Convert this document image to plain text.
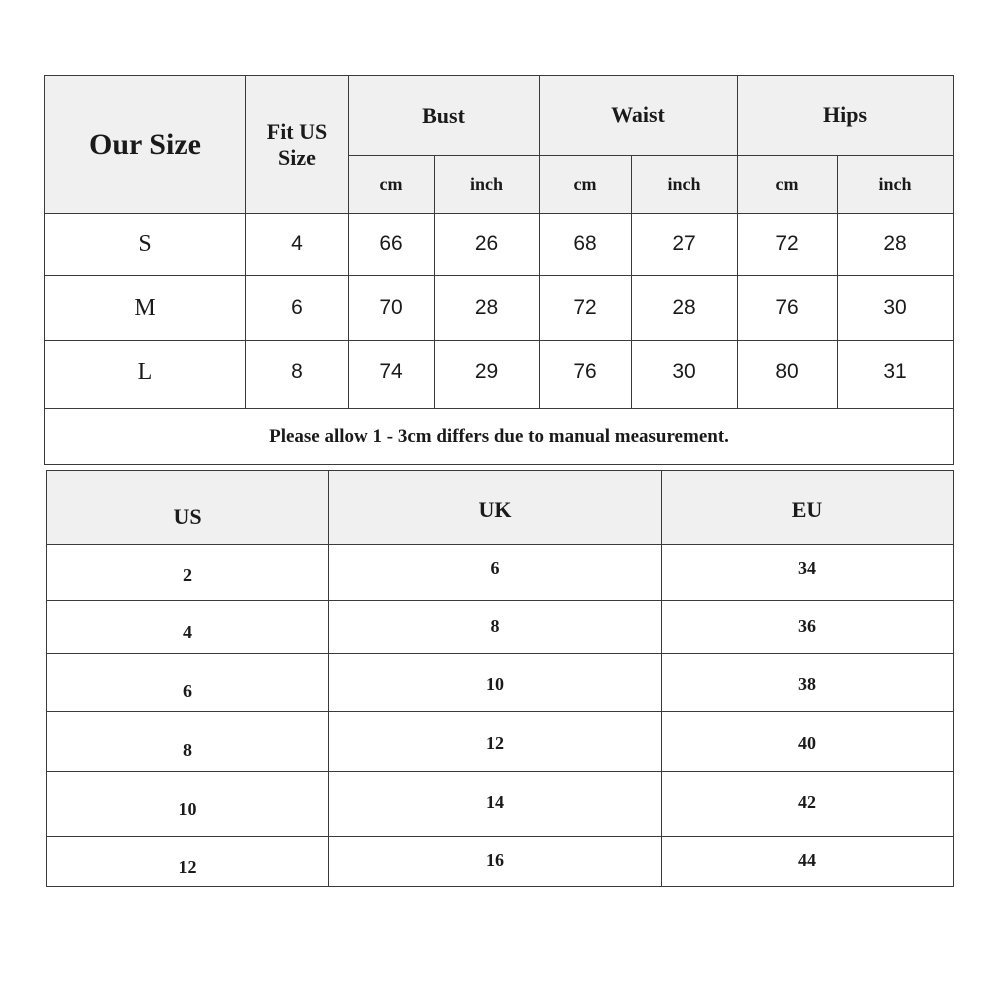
Our Size	Fit US
Size
Bust	Waist	Hips
cm	inch	cm	inch	cm	inch
S	4	66	26	68	27	72	28
M	6	70	28	72	28	76	30
L	8	74	29	76	30	80	31
Please allow 1 - 3cm differs due to manual measurement.
US	UK	EU
2	6	34
4	8	36
6	10	38
8	12	40
10	14	42
12	16	44
